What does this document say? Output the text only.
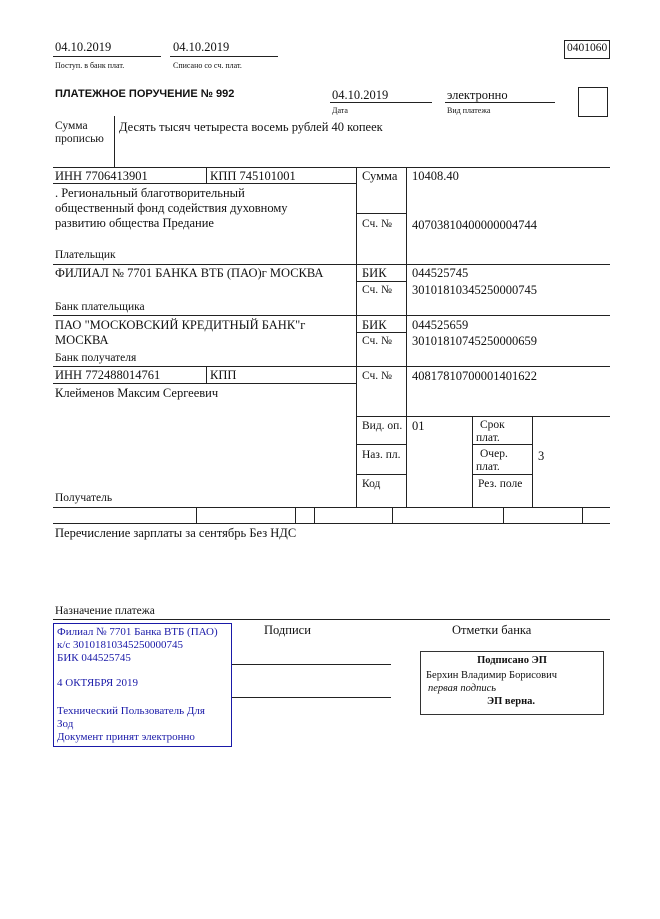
04.10.2019
Поступ. в банк плат.
04.10.2019
Списано со сч. плат.
0401060
ПЛАТЕЖНОЕ ПОРУЧЕНИЕ № 992	04.10.2019
Дата
электронно
Вид платежа
Сумма
прописью
Десять тысяч четыреста восемь рублей 40 копеек
ИНН 7706413901	КПП 745101001	Сумма 10408.40
. Региональный благотворительный
общественный фонд содействия духовному
развитию общества Предание	Сч. № 40703810400000004744
Плательщик
ФИЛИАЛ № 7701 БАНКА ВТБ (ПАО)г МОСКВА	БИК 044525745
Сч. № 30101810345250000745
Банк плательщика
ПАО "МОСКОВСКИЙ КРЕДИТНЫЙ БАНК"г
МОСКВА
БИК 044525659
Сч. № 30101810745250000659
Банк получателя
ИНН 772488014761	КПП	Сч. № 40817810700001401622
Клейменов Максим Сергеевич
Вид. оп. 01	Срок
плат.
Наз. пл.	Очер.
плат.
3
Код	Рез. поле
Получатель
Перечисление зарплаты за сентябрь Без НДС
Назначение платежа
Подписи	Отметки банка
Филиал № 7701 Банка ВТБ (ПАО)
к/с 30101810345250000745
БИК 044525745
4 ОКТЯБРЯ 2019
Технический Пользователь Для
Зод
Документ принят электронно
Подписано ЭП
Берхин Владимир Борисович
первая подпись
ЭП верна.
